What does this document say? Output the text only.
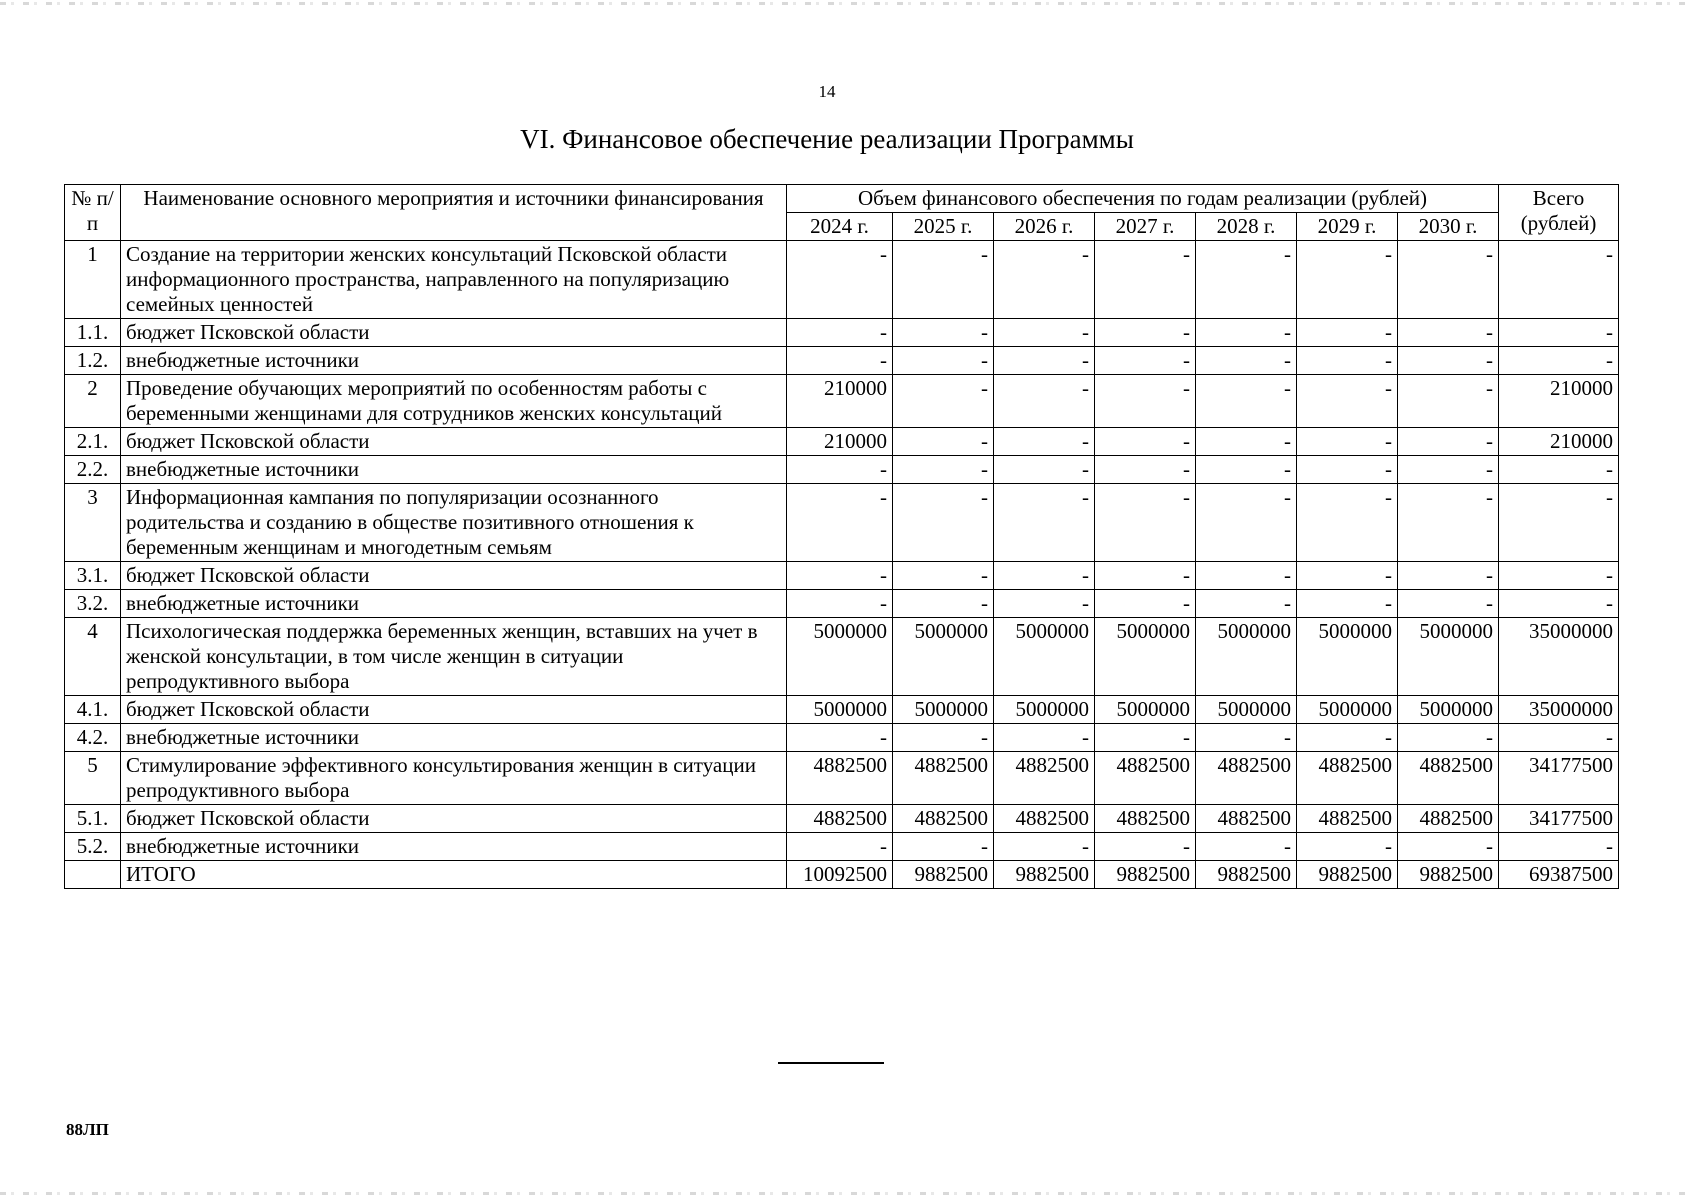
14
VI. Финансовое обеспечение реализации Программы
№ п/п	Наименование основного мероприятия и источники финансирования	Объем финансового обеспечения по годам реализации (рублей)							Всего (рублей)
		2024 г.	2025 г.	2026 г.	2027 г.	2028 г.	2029 г.	2030 г.	
1	Создание на территории женских консультаций Псковской области информационного пространства, направленного на популяризацию семейных ценностей	-	-	-	-	-	-	-	-
1.1.	бюджет Псковской области	-	-	-	-	-	-	-	-
1.2.	внебюджетные источники	-	-	-	-	-	-	-	-
2	Проведение обучающих мероприятий по особенностям работы с беременными женщинами для сотрудников женских консультаций	210000	-	-	-	-	-	-	210000
2.1.	бюджет Псковской области	210000	-	-	-	-	-	-	210000
2.2.	внебюджетные источники	-	-	-	-	-	-	-	-
3	Информационная кампания по популяризации осознанного родительства и созданию в обществе позитивного отношения к беременным женщинам и многодетным семьям	-	-	-	-	-	-	-	-
3.1.	бюджет Псковской области	-	-	-	-	-	-	-	-
3.2.	внебюджетные источники	-	-	-	-	-	-	-	-
4	Психологическая поддержка беременных женщин, вставших на учет в женской консультации, в том числе женщин в ситуации репродуктивного выбора	5000000	5000000	5000000	5000000	5000000	5000000	5000000	35000000
4.1.	бюджет Псковской области	5000000	5000000	5000000	5000000	5000000	5000000	5000000	35000000
4.2.	внебюджетные источники	-	-	-	-	-	-	-	-
5	Стимулирование эффективного консультирования женщин в ситуации репродуктивного выбора	4882500	4882500	4882500	4882500	4882500	4882500	4882500	34177500
5.1.	бюджет Псковской области	4882500	4882500	4882500	4882500	4882500	4882500	4882500	34177500
5.2.	внебюджетные источники	-	-	-	-	-	-	-	-
	ИТОГО	10092500	9882500	9882500	9882500	9882500	9882500	9882500	69387500
88ЛП
